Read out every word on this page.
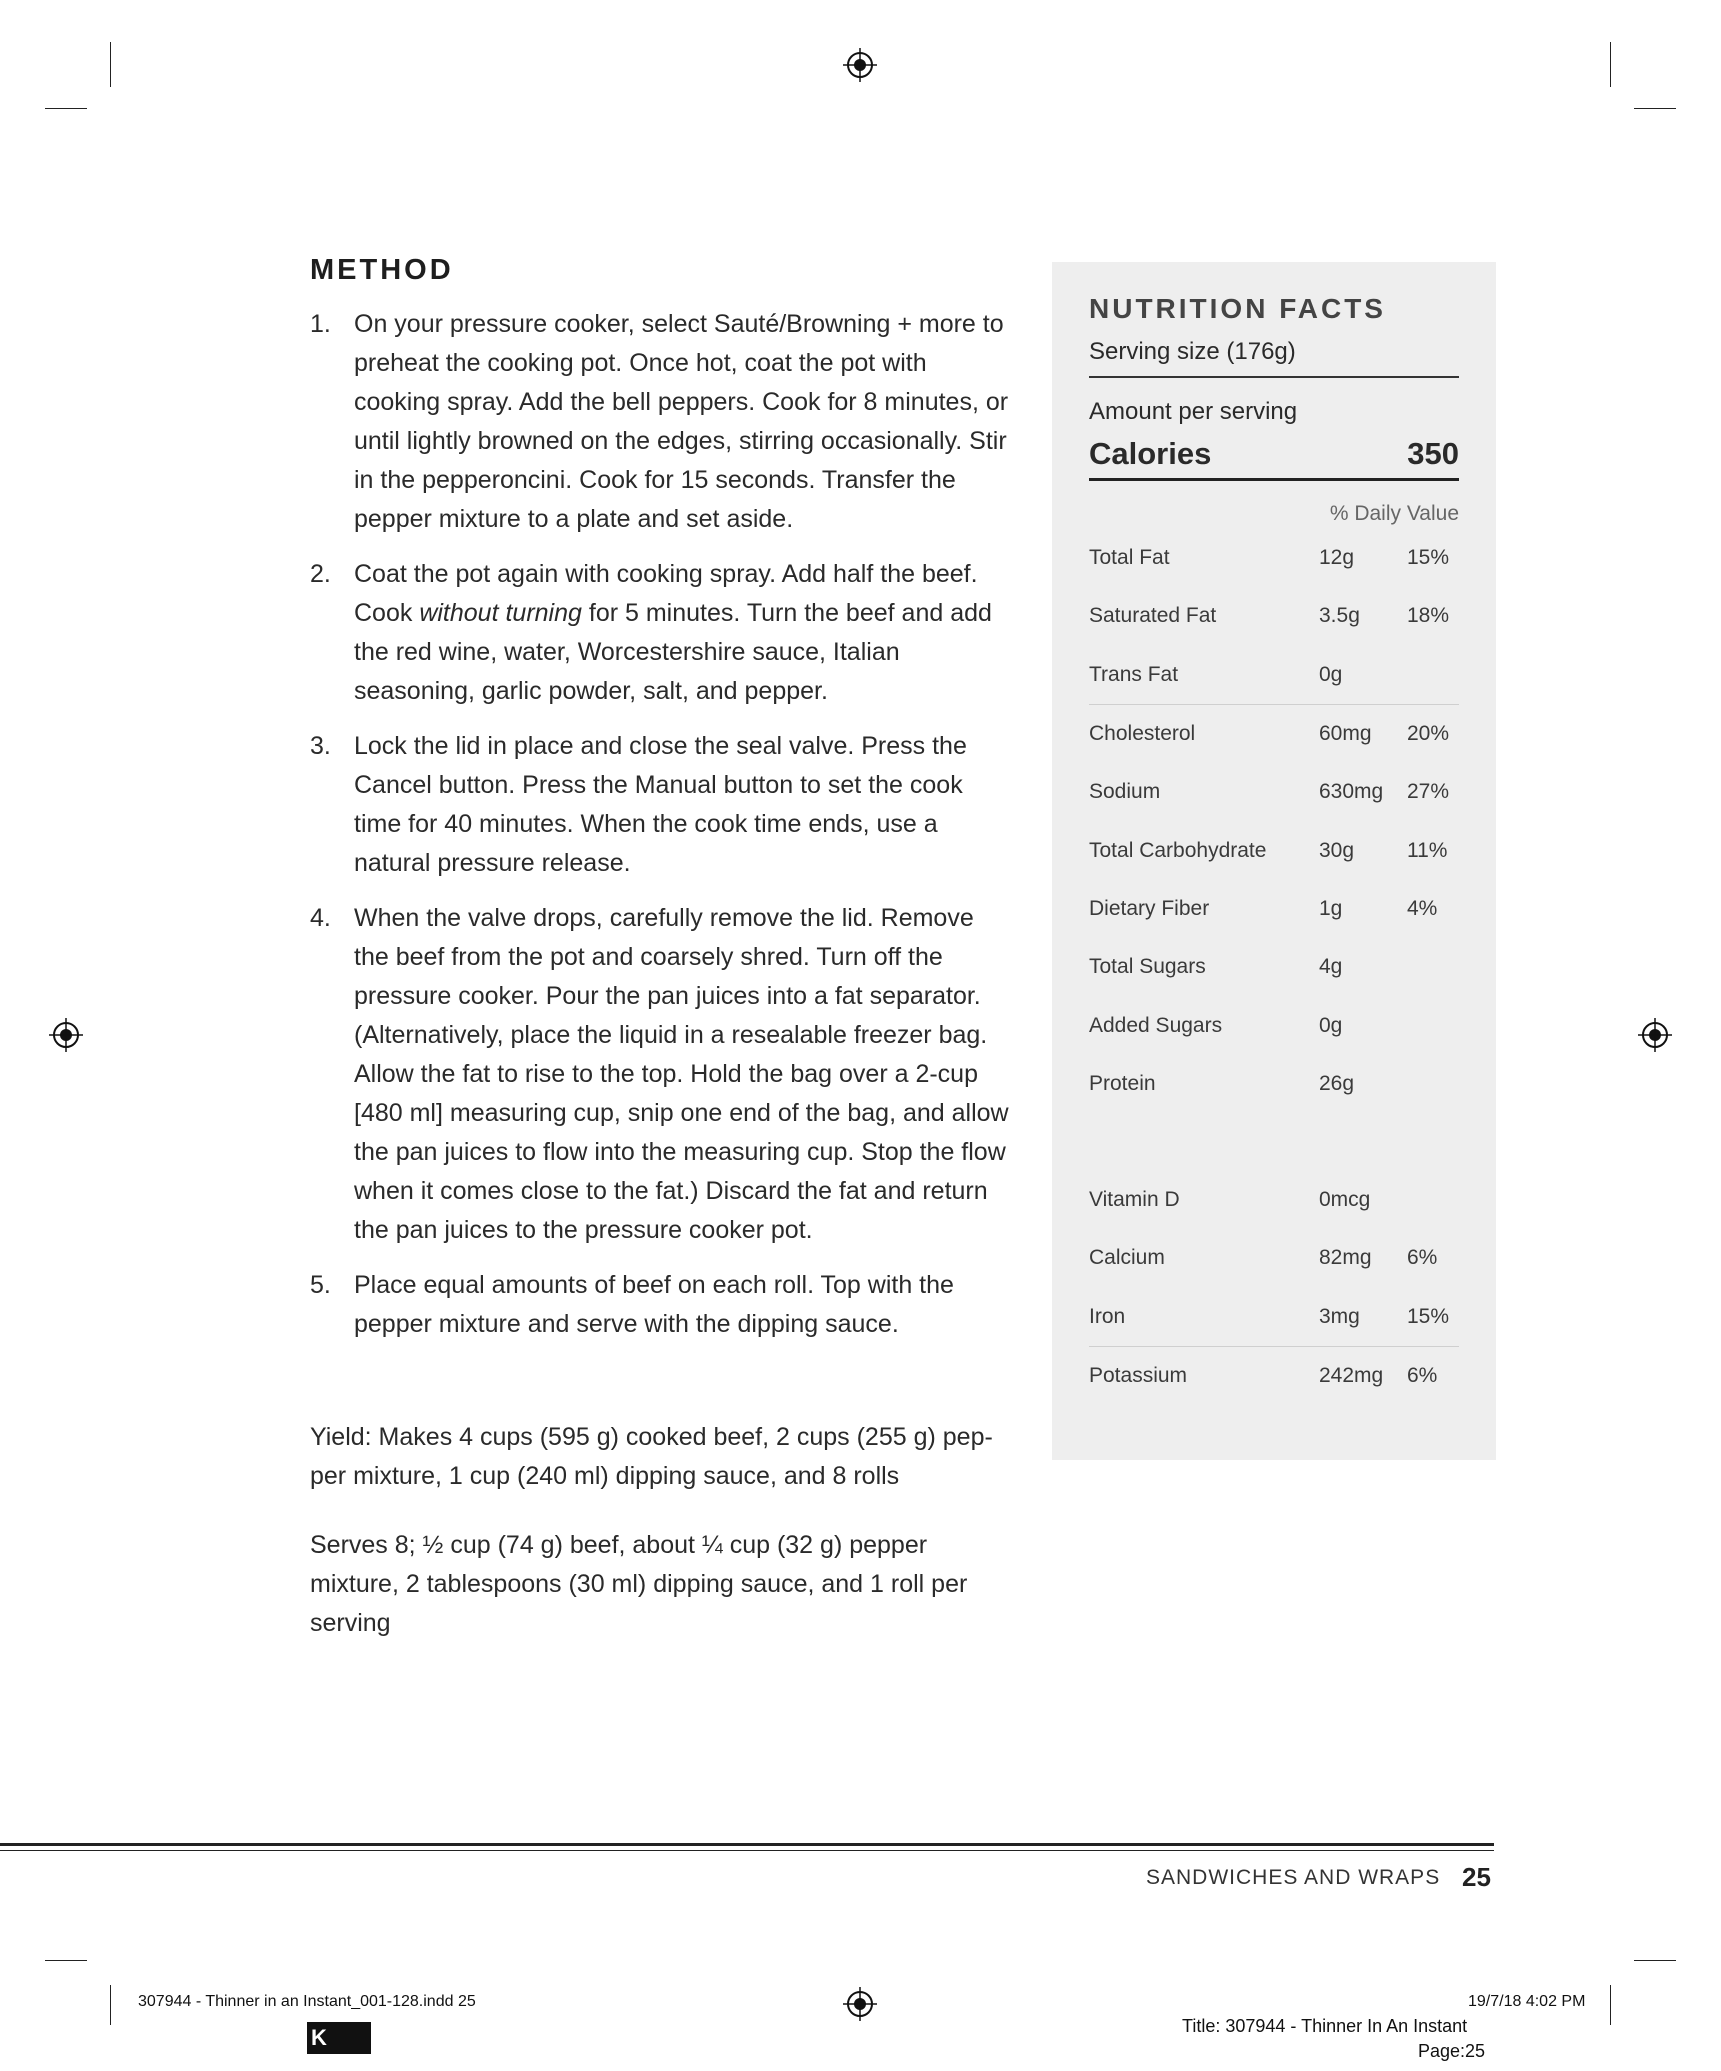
METHOD
1. On your pressure cooker, select Sauté/Browning + more to preheat the cooking pot. Once hot, coat the pot with cooking spray. Add the bell peppers. Cook for 8 minutes, or until lightly browned on the edges, stirring occasionally. Stir in the pepperoncini. Cook for 15 seconds. Transfer the pepper mixture to a plate and set aside.
2. Coat the pot again with cooking spray. Add half the beef. Cook without turning for 5 minutes. Turn the beef and add the red wine, water, Worcestershire sauce, Italian seasoning, garlic powder, salt, and pepper.
3. Lock the lid in place and close the seal valve. Press the Cancel button. Press the Manual button to set the cook time for 40 minutes. When the cook time ends, use a natural pressure release.
4. When the valve drops, carefully remove the lid. Remove the beef from the pot and coarsely shred. Turn off the pressure cooker. Pour the pan juices into a fat separator. (Alternatively, place the liquid in a resealable freezer bag. Allow the fat to rise to the top. Hold the bag over a 2-cup [480 ml] measuring cup, snip one end of the bag, and allow the pan juices to flow into the measuring cup. Stop the flow when it comes close to the fat.) Discard the fat and return the pan juices to the pressure cooker pot.
5. Place equal amounts of beef on each roll. Top with the pepper mixture and serve with the dipping sauce.

Yield: Makes 4 cups (595 g) cooked beef, 2 cups (255 g) pep-per mixture, 1 cup (240 ml) dipping sauce, and 8 rolls

Serves 8; ½ cup (74 g) beef, about ¼ cup (32 g) pepper mixture, 2 tablespoons (30 ml) dipping sauce, and 1 roll per serving

NUTRITION FACTS
Serving size (176g)
Amount per serving
Calories	350
% Daily Value
Total Fat	12g	15%
Saturated Fat	3.5g	18%
Trans Fat	0g
Cholesterol	60mg	20%
Sodium	630mg	27%
Total Carbohydrate	30g	11%
Dietary Fiber	1g	4%
Total Sugars	4g
Added Sugars	0g
Protein	26g
Vitamin D	0mcg
Calcium	82mg	6%
Iron	3mg	15%
Potassium	242mg	6%
SANDWICHES AND WRAPS 25
307944 - Thinner in an Instant_001-128.indd 25	19/7/18 4:02 PM
Title: 307944 - Thinner In An Instant
Page:25
K
